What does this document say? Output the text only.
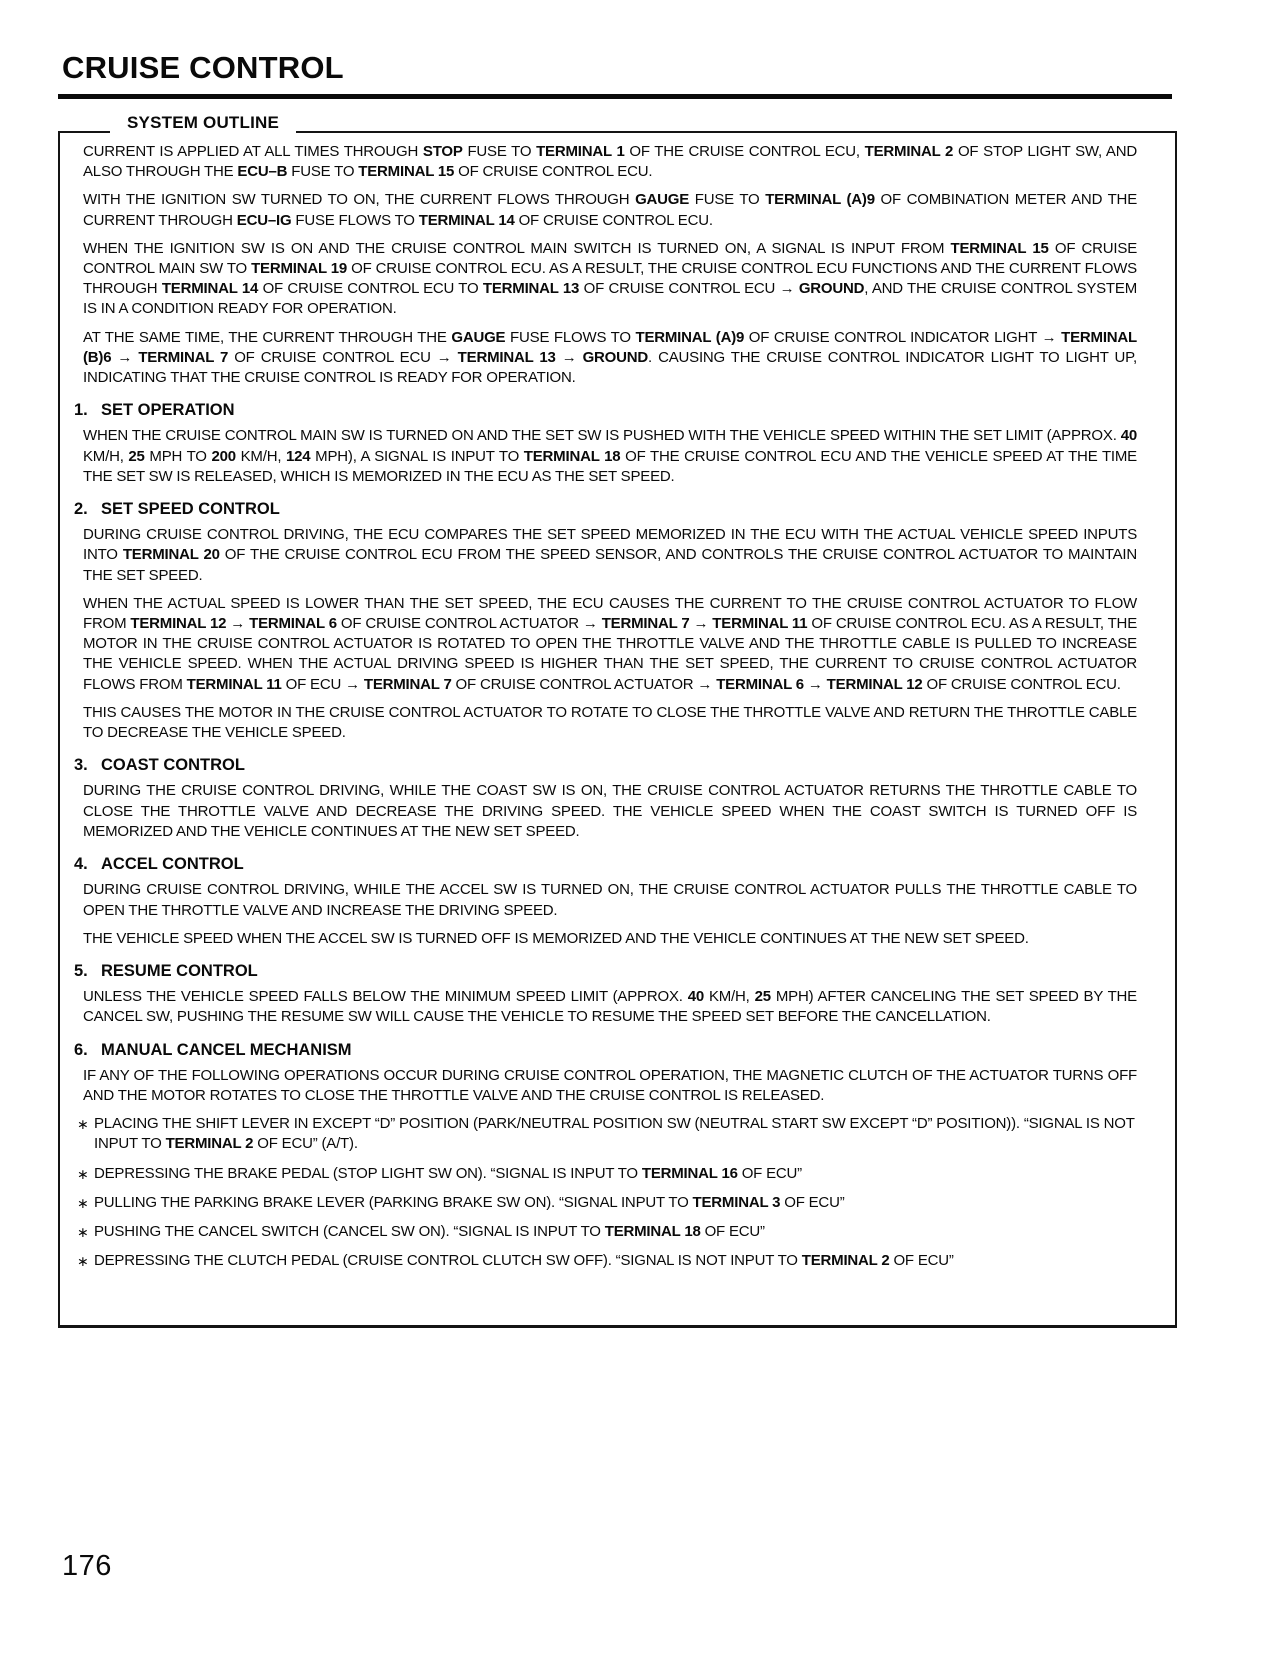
CRUISE CONTROL
SYSTEM OUTLINE

CURRENT IS APPLIED AT ALL TIMES THROUGH STOP FUSE TO TERMINAL 1 OF THE CRUISE CONTROL ECU, TERMINAL 2 OF STOP LIGHT SW, AND ALSO THROUGH THE ECU–B FUSE TO TERMINAL 15 OF CRUISE CONTROL ECU.

WITH THE IGNITION SW TURNED TO ON, THE CURRENT FLOWS THROUGH GAUGE FUSE TO TERMINAL (A)9 OF COMBINATION METER AND THE CURRENT THROUGH ECU–IG FUSE FLOWS TO TERMINAL 14 OF CRUISE CONTROL ECU.

WHEN THE IGNITION SW IS ON AND THE CRUISE CONTROL MAIN SWITCH IS TURNED ON, A SIGNAL IS INPUT FROM TERMINAL 15 OF CRUISE CONTROL MAIN SW TO TERMINAL 19 OF CRUISE CONTROL ECU. AS A RESULT, THE CRUISE CONTROL ECU FUNCTIONS AND THE CURRENT FLOWS THROUGH TERMINAL 14 OF CRUISE CONTROL ECU TO TERMINAL 13 OF CRUISE CONTROL ECU → GROUND, AND THE CRUISE CONTROL SYSTEM IS IN A CONDITION READY FOR OPERATION.

AT THE SAME TIME, THE CURRENT THROUGH THE GAUGE FUSE FLOWS TO TERMINAL (A)9 OF CRUISE CONTROL INDICATOR LIGHT → TERMINAL (B)6 → TERMINAL 7 OF CRUISE CONTROL ECU → TERMINAL 13 → GROUND. CAUSING THE CRUISE CONTROL INDICATOR LIGHT TO LIGHT UP, INDICATING THAT THE CRUISE CONTROL IS READY FOR OPERATION.

1. SET OPERATION

WHEN THE CRUISE CONTROL MAIN SW IS TURNED ON AND THE SET SW IS PUSHED WITH THE VEHICLE SPEED WITHIN THE SET LIMIT (APPROX. 40 KM/H, 25 MPH TO 200 KM/H, 124 MPH), A SIGNAL IS INPUT TO TERMINAL 18 OF THE CRUISE CONTROL ECU AND THE VEHICLE SPEED AT THE TIME THE SET SW IS RELEASED, WHICH IS MEMORIZED IN THE ECU AS THE SET SPEED.

2. SET SPEED CONTROL

DURING CRUISE CONTROL DRIVING, THE ECU COMPARES THE SET SPEED MEMORIZED IN THE ECU WITH THE ACTUAL VEHICLE SPEED INPUTS INTO TERMINAL 20 OF THE CRUISE CONTROL ECU FROM THE SPEED SENSOR, AND CONTROLS THE CRUISE CONTROL ACTUATOR TO MAINTAIN THE SET SPEED.

WHEN THE ACTUAL SPEED IS LOWER THAN THE SET SPEED, THE ECU CAUSES THE CURRENT TO THE CRUISE CONTROL ACTUATOR TO FLOW FROM TERMINAL 12 → TERMINAL 6 OF CRUISE CONTROL ACTUATOR → TERMINAL 7 → TERMINAL 11 OF CRUISE CONTROL ECU. AS A RESULT, THE MOTOR IN THE CRUISE CONTROL ACTUATOR IS ROTATED TO OPEN THE THROTTLE VALVE AND THE THROTTLE CABLE IS PULLED TO INCREASE THE VEHICLE SPEED. WHEN THE ACTUAL DRIVING SPEED IS HIGHER THAN THE SET SPEED, THE CURRENT TO CRUISE CONTROL ACTUATOR FLOWS FROM TERMINAL 11 OF ECU → TERMINAL 7 OF CRUISE CONTROL ACTUATOR → TERMINAL 6 → TERMINAL 12 OF CRUISE CONTROL ECU.

THIS CAUSES THE MOTOR IN THE CRUISE CONTROL ACTUATOR TO ROTATE TO CLOSE THE THROTTLE VALVE AND RETURN THE THROTTLE CABLE TO DECREASE THE VEHICLE SPEED.

3. COAST CONTROL

DURING THE CRUISE CONTROL DRIVING, WHILE THE COAST SW IS ON, THE CRUISE CONTROL ACTUATOR RETURNS THE THROTTLE CABLE TO CLOSE THE THROTTLE VALVE AND DECREASE THE DRIVING SPEED. THE VEHICLE SPEED WHEN THE COAST SWITCH IS TURNED OFF IS MEMORIZED AND THE VEHICLE CONTINUES AT THE NEW SET SPEED.

4. ACCEL CONTROL

DURING CRUISE CONTROL DRIVING, WHILE THE ACCEL SW IS TURNED ON, THE CRUISE CONTROL ACTUATOR PULLS THE THROTTLE CABLE TO OPEN THE THROTTLE VALVE AND INCREASE THE DRIVING SPEED.

THE VEHICLE SPEED WHEN THE ACCEL SW IS TURNED OFF IS MEMORIZED AND THE VEHICLE CONTINUES AT THE NEW SET SPEED.

5. RESUME CONTROL

UNLESS THE VEHICLE SPEED FALLS BELOW THE MINIMUM SPEED LIMIT (APPROX. 40 KM/H, 25 MPH) AFTER CANCELING THE SET SPEED BY THE CANCEL SW, PUSHING THE RESUME SW WILL CAUSE THE VEHICLE TO RESUME THE SPEED SET BEFORE THE CANCELLATION.

6. MANUAL CANCEL MECHANISM

IF ANY OF THE FOLLOWING OPERATIONS OCCUR DURING CRUISE CONTROL OPERATION, THE MAGNETIC CLUTCH OF THE ACTUATOR TURNS OFF AND THE MOTOR ROTATES TO CLOSE THE THROTTLE VALVE AND THE CRUISE CONTROL IS RELEASED.

∗ PLACING THE SHIFT LEVER IN EXCEPT “D” POSITION (PARK/NEUTRAL POSITION SW (NEUTRAL START SW EXCEPT “D” POSITION)). “SIGNAL IS NOT INPUT TO TERMINAL 2 OF ECU” (A/T).
∗ DEPRESSING THE BRAKE PEDAL (STOP LIGHT SW ON). “SIGNAL IS INPUT TO TERMINAL 16 OF ECU”
∗ PULLING THE PARKING BRAKE LEVER (PARKING BRAKE SW ON). “SIGNAL INPUT TO TERMINAL 3 OF ECU”
∗ PUSHING THE CANCEL SWITCH (CANCEL SW ON). “SIGNAL IS INPUT TO TERMINAL 18 OF ECU”
∗ DEPRESSING THE CLUTCH PEDAL (CRUISE CONTROL CLUTCH SW OFF). “SIGNAL IS NOT INPUT TO TERMINAL 2 OF ECU”
176
